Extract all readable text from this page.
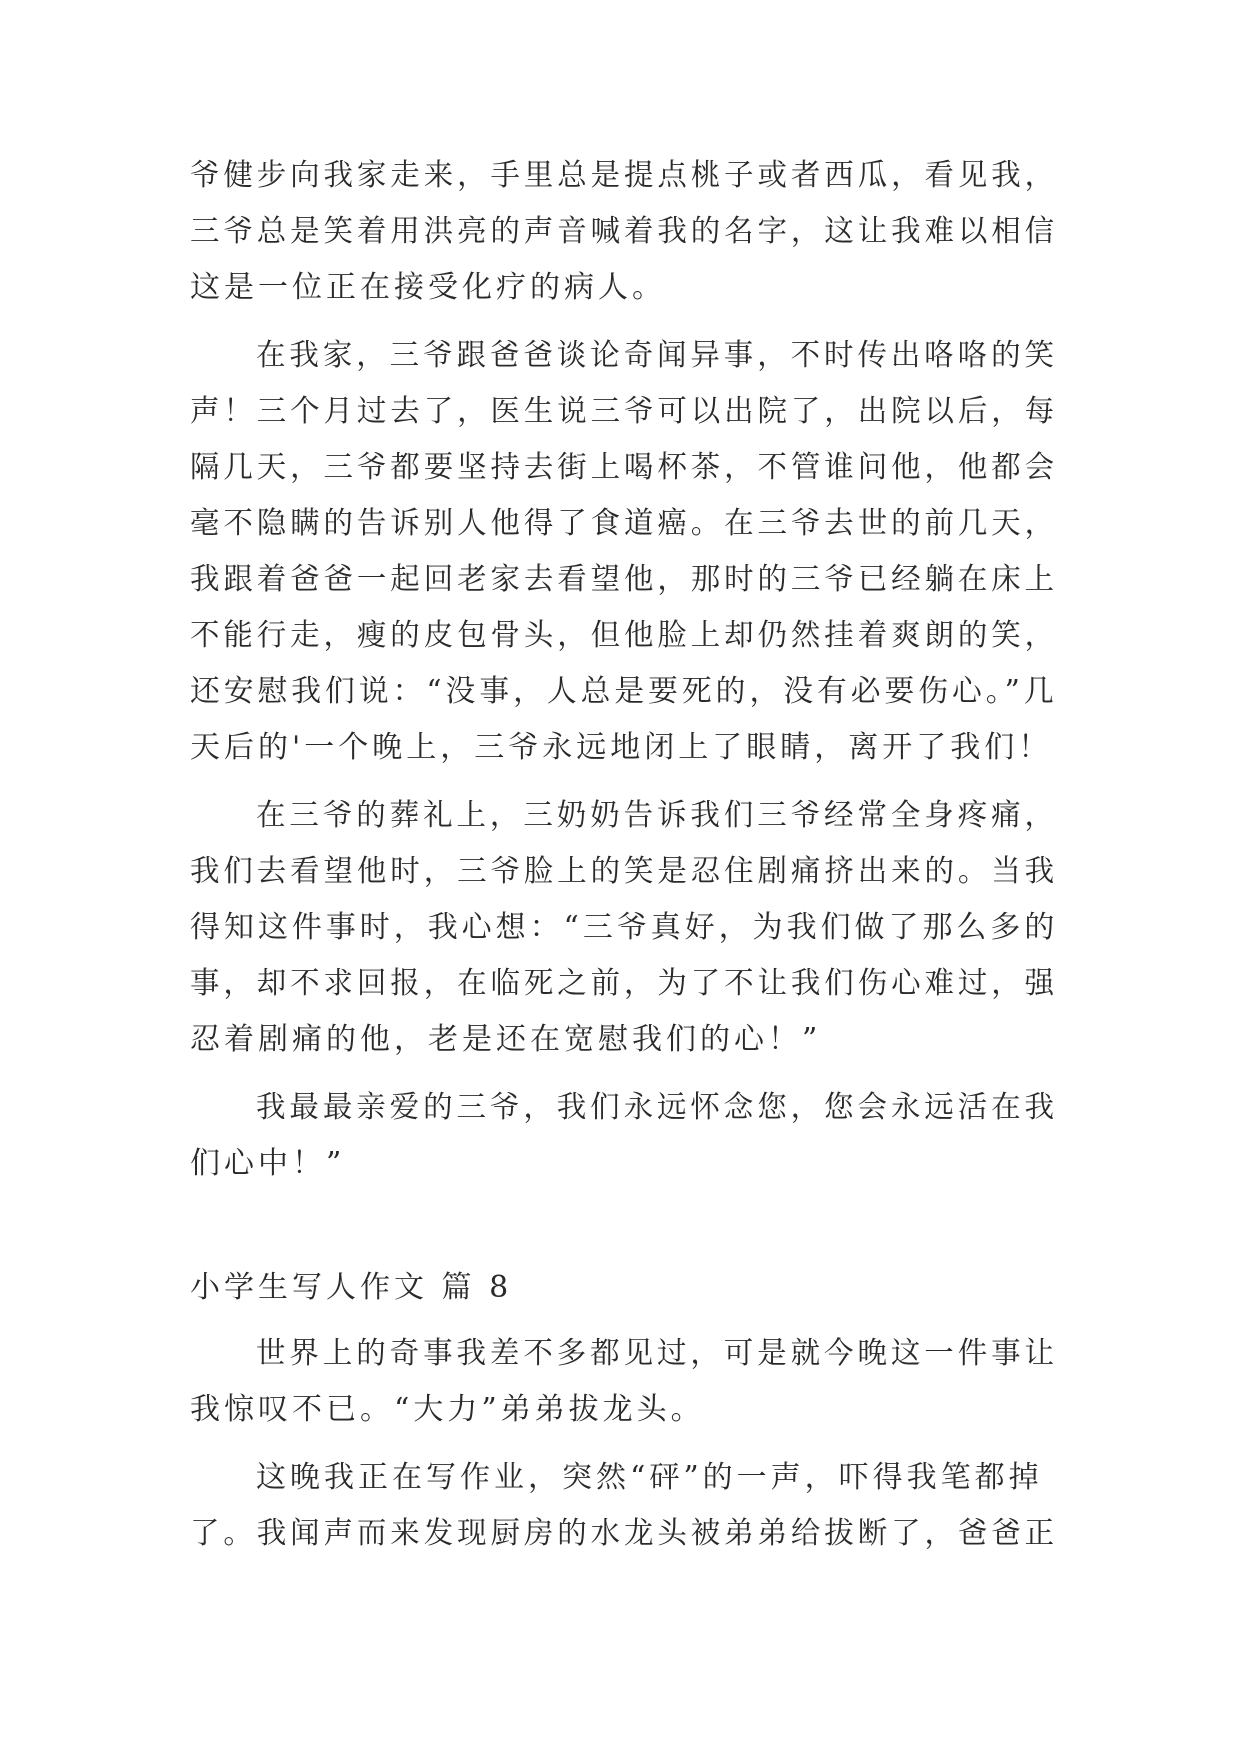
爷健步向我家走来，手里总是提点桃子或者西瓜，看见我，
三爷总是笑着用洪亮的声音喊着我的名字，这让我难以相信
这是一位正在接受化疗的病人。
在我家，三爷跟爸爸谈论奇闻异事，不时传出咯咯的笑
声！三个月过去了，医生说三爷可以出院了，出院以后，每
隔几天，三爷都要坚持去街上喝杯茶，不管谁问他，他都会
毫不隐瞒的告诉别人他得了食道癌。在三爷去世的前几天，
我跟着爸爸一起回老家去看望他，那时的三爷已经躺在床上
不能行走，瘦的皮包骨头，但他脸上却仍然挂着爽朗的笑，
还安慰我们说：“没事，人总是要死的，没有必要伤心。”几
天后的'一个晚上，三爷永远地闭上了眼睛，离开了我们！
在三爷的葬礼上，三奶奶告诉我们三爷经常全身疼痛，
我们去看望他时，三爷脸上的笑是忍住剧痛挤出来的。当我
得知这件事时，我心想：“三爷真好，为我们做了那么多的
事，却不求回报，在临死之前，为了不让我们伤心难过，强
忍着剧痛的他，老是还在宽慰我们的心！”
我最最亲爱的三爷，我们永远怀念您，您会永远活在我
们心中！”
小学生写人作文 篇 8
世界上的奇事我差不多都见过，可是就今晚这一件事让
我惊叹不已。“大力”弟弟拔龙头。
这晚我正在写作业，突然“砰”的一声，吓得我笔都掉
了。我闻声而来发现厨房的水龙头被弟弟给拔断了，爸爸正
